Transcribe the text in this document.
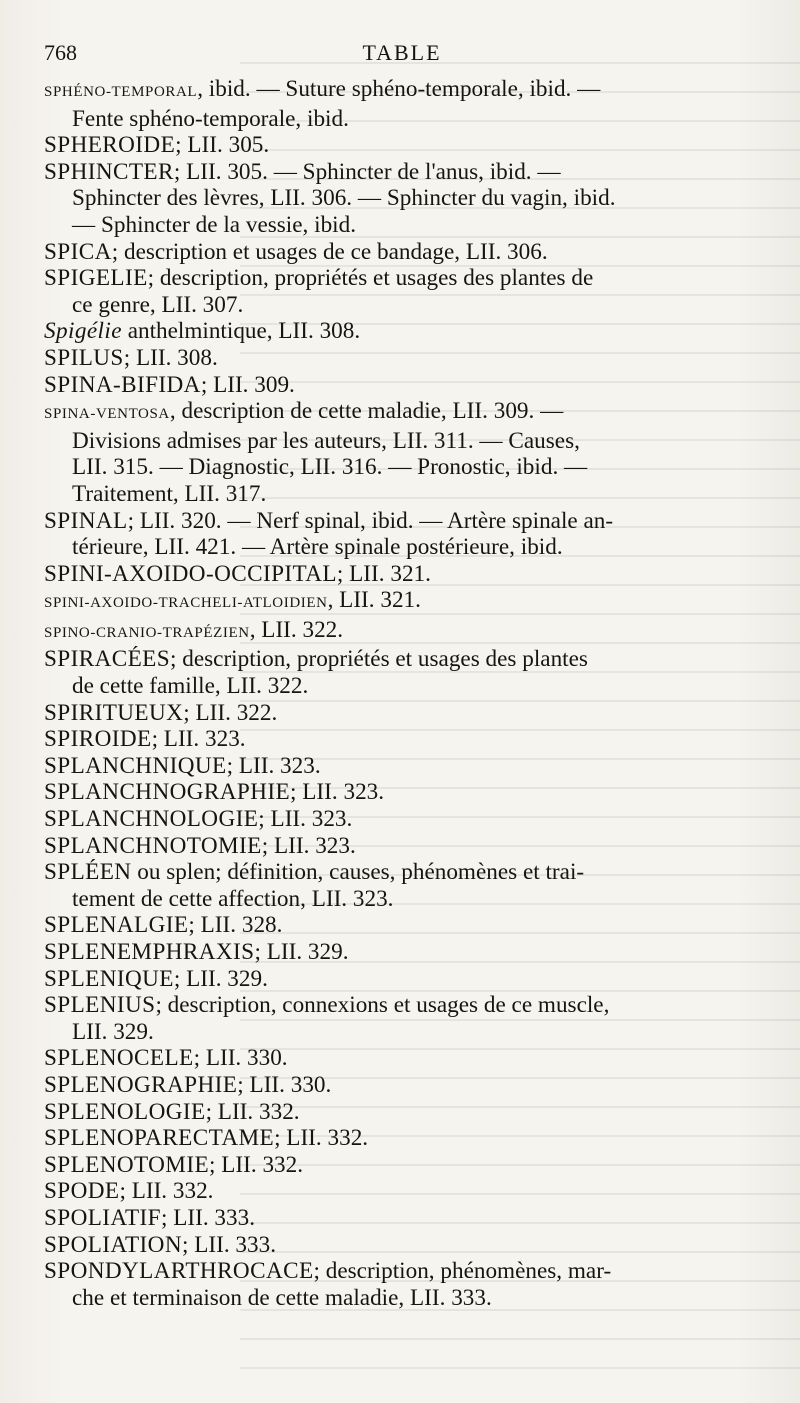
768	TABLE

SPHÉNO-TEMPORAL, ibid. — Suture sphéno-temporale, ibid. —
Fente sphéno-temporale, ibid.

SPHEROIDE; LII. 305.

SPHINCTER; LII. 305. — Sphincter de l'anus, ibid. —
Sphincter des lèvres, LII. 306. — Sphincter du vagin, ibid.
— Sphincter de la vessie, ibid.

SPICA; description et usages de ce bandage, LII. 306.

SPIGELIE; description, propriétés et usages des plantes de
ce genre, LII. 307.

Spigélie anthelmintique, LII. 308.

SPILUS; LII. 308.

SPINA-BIFIDA; LII. 309.

SPINA-VENTOSA, description de cette maladie, LII. 309. —
Divisions admises par les auteurs, LII. 311. — Causes,
LII. 315. — Diagnostic, LII. 316. — Pronostic, ibid. —
Traitement, LII. 317.

SPINAL; LII. 320. — Nerf spinal, ibid. — Artère spinale an-
térieure, LII. 421. — Artère spinale postérieure, ibid.

SPINI-AXOIDO-OCCIPITAL; LII. 321.

SPINI-AXOIDO-TRACHELI-ATLOIDIEN, LII. 321.

SPINO-CRANIO-TRAPÉZIEN, LII. 322.

SPIRACÉES; description, propriétés et usages des plantes
de cette famille, LII. 322.

SPIRITUEUX; LII. 322.

SPIROIDE; LII. 323.

SPLANCHNIQUE; LII. 323.

SPLANCHNOGRAPHIE; LII. 323.

SPLANCHNOLOGIE; LII. 323.

SPLANCHNOTOMIE; LII. 323.

SPLÉEN ou splen; définition, causes, phénomènes et trai-
tement de cette affection, LII. 323.

SPLENALGIE; LII. 328.

SPLENEMPHRAXIS; LII. 329.

SPLENIQUE; LII. 329.

SPLENIUS; description, connexions et usages de ce muscle,
LII. 329.

SPLENOCELE; LII. 330.

SPLENOGRAPHIE; LII. 330.

SPLENOLOGIE; LII. 332.

SPLENOPARECTAME; LII. 332.

SPLENOTOMIE; LII. 332.

SPODE; LII. 332.

SPOLIATIF; LII. 333.

SPOLIATION; LII. 333.

SPONDYLARTHROCACE; description, phénomènes, mar-
che et terminaison de cette maladie, LII. 333.
